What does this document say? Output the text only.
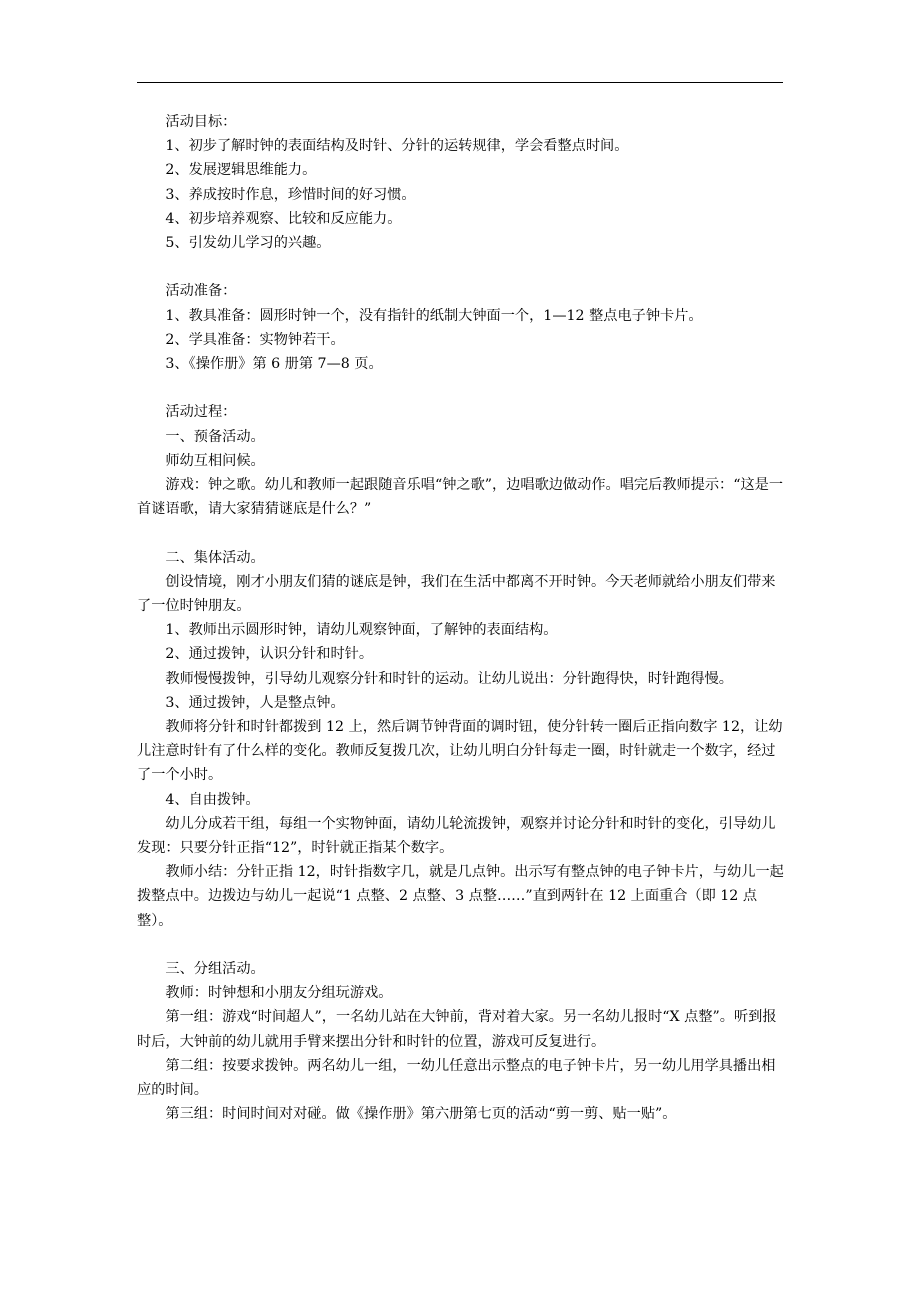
活动目标：

1、初步了解时钟的表面结构及时针、分针的运转规律，学会看整点时间。

2、发展逻辑思维能力。

3、养成按时作息，珍惜时间的好习惯。

4、初步培养观察、比较和反应能力。

5、引发幼儿学习的兴趣。

活动准备：

1、教具准备：圆形时钟一个，没有指针的纸制大钟面一个，1—12 整点电子钟卡片。

2、学具准备：实物钟若干。

3、《操作册》第 6 册第 7—8 页。

活动过程：

一、预备活动。

师幼互相问候。

游戏：钟之歌。幼儿和教师一起跟随音乐唱“钟之歌”，边唱歌边做动作。唱完后教师提示：“这是一首谜语歌，请大家猜猜谜底是什么？”

二、集体活动。

创设情境，刚才小朋友们猜的谜底是钟，我们在生活中都离不开时钟。今天老师就给小朋友们带来了一位时钟朋友。

1、教师出示圆形时钟，请幼儿观察钟面，了解钟的表面结构。

2、通过拨钟，认识分针和时针。

教师慢慢拨钟，引导幼儿观察分针和时针的运动。让幼儿说出：分针跑得快，时针跑得慢。

3、通过拨钟，人是整点钟。

教师将分针和时针都拨到 12 上，然后调节钟背面的调时钮，使分针转一圈后正指向数字 12，让幼儿注意时针有了什么样的变化。教师反复拨几次，让幼儿明白分针每走一圈，时针就走一个数字，经过了一个小时。

4、自由拨钟。

幼儿分成若干组，每组一个实物钟面，请幼儿轮流拨钟，观察并讨论分针和时针的变化，引导幼儿发现：只要分针正指“12”，时针就正指某个数字。

教师小结：分针正指 12，时针指数字几，就是几点钟。出示写有整点钟的电子钟卡片，与幼儿一起拨整点中。边拨边与幼儿一起说“1 点整、2 点整、3 点整……”直到两针在 12 上面重合（即 12 点整）。

三、分组活动。

教师：时钟想和小朋友分组玩游戏。

第一组：游戏“时间超人”，一名幼儿站在大钟前，背对着大家。另一名幼儿报时“X 点整”。听到报时后，大钟前的幼儿就用手臂来摆出分针和时针的位置，游戏可反复进行。

第二组：按要求拨钟。两名幼儿一组，一幼儿任意出示整点的电子钟卡片，另一幼儿用学具播出相应的时间。

第三组：时间时间对对碰。做《操作册》第六册第七页的活动“剪一剪、贴一贴”。
